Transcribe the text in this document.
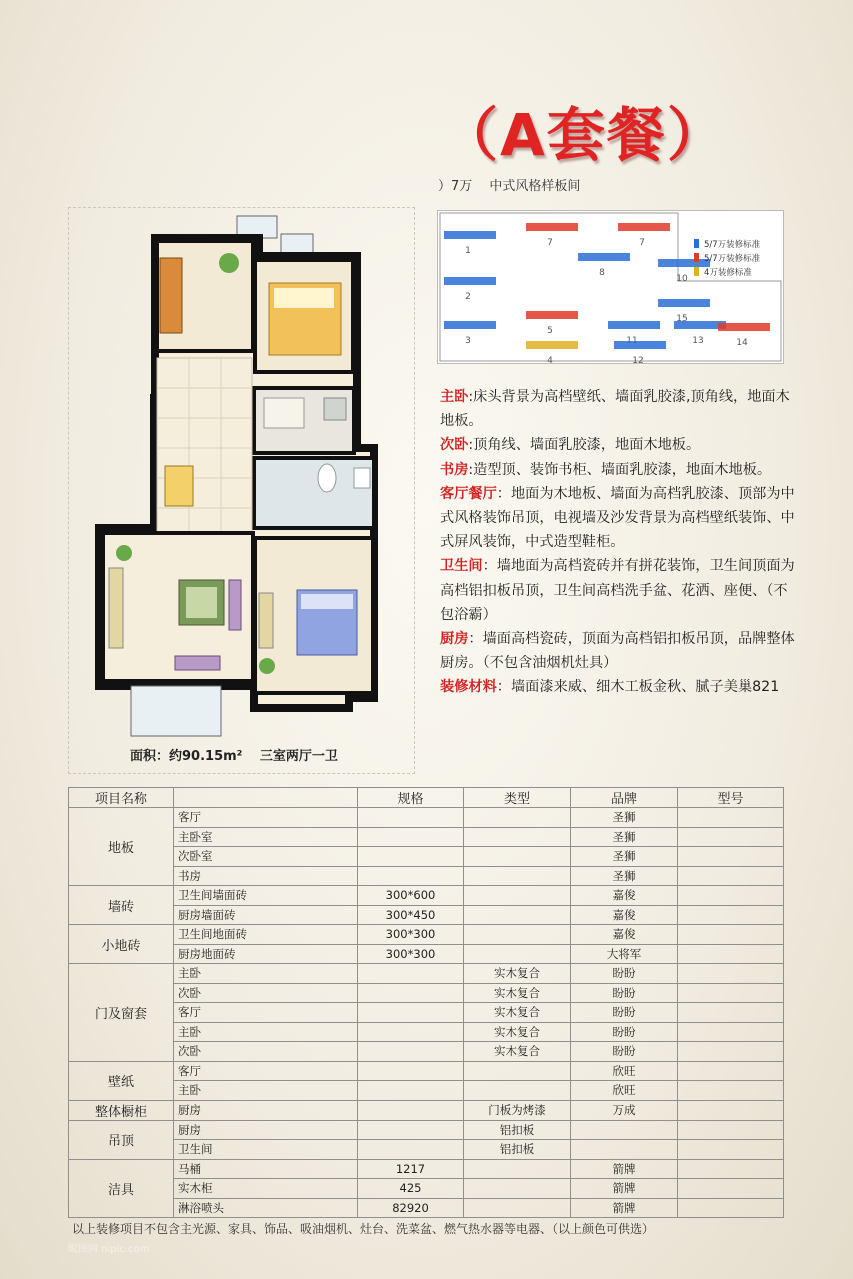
（A套餐）
）7万　 中式风格样板间
面积：约90.15m² 　三室两厅一卫
1
7	7
2
8
10
3
5
4	12
13	14
15
5/7万装修标准
5/7万装修标准
4万装修标准

主卧:床头背景为高档壁纸、墙面乳胶漆,顶角线，地面木地板。

次卧:顶角线、墙面乳胶漆，地面木地板。

书房:造型顶、装饰书柜、墙面乳胶漆，地面木地板。

客厅餐厅：地面为木地板、墙面为高档乳胶漆、顶部为中式风格装饰吊顶，电视墙及沙发背景为高档壁纸装饰、中式屏风装饰，中式造型鞋柜。

卫生间：墙地面为高档瓷砖并有拼花装饰，卫生间顶面为高档铝扣板吊顶，卫生间高档洗手盆、花洒、座便、（不包浴霸）

厨房：墙面高档瓷砖，顶面为高档铝扣板吊顶，品牌整体厨房。（不包含油烟机灶具）

装修材料：墙面漆来威、细木工板金秋、腻子美巢821

项目名称		规格	类型	品牌	型号
地板	客厅			圣狮	
	主卧室			圣狮	
	次卧室			圣狮	
	书房			圣狮	
墙砖	卫生间墙面砖	300*600		嘉俊	
	厨房墙面砖	300*450		嘉俊	
小地砖	卫生间地面砖	300*300		嘉俊	
	厨房地面砖	300*300		大将军	
门及窗套	主卧		实木复合	盼盼	
	次卧		实木复合	盼盼	
	客厅		实木复合	盼盼	
	主卧		实木复合	盼盼	
	次卧		实木复合	盼盼	
壁纸	客厅			欣旺	
	主卧			欣旺	
整体橱柜	厨房		门板为烤漆	万成	
吊顶	厨房		铝扣板		
	卫生间		铝扣板		
洁具	马桶	1217		箭牌	
	实木柜	425		箭牌	
	淋浴喷头	82920		箭牌	
以上装修项目不包含主光源、家具、饰品、吸油烟机、灶台、洗菜盆、燃气热水器等电器、（以上颜色可供选）
昵图网 nipic.com
